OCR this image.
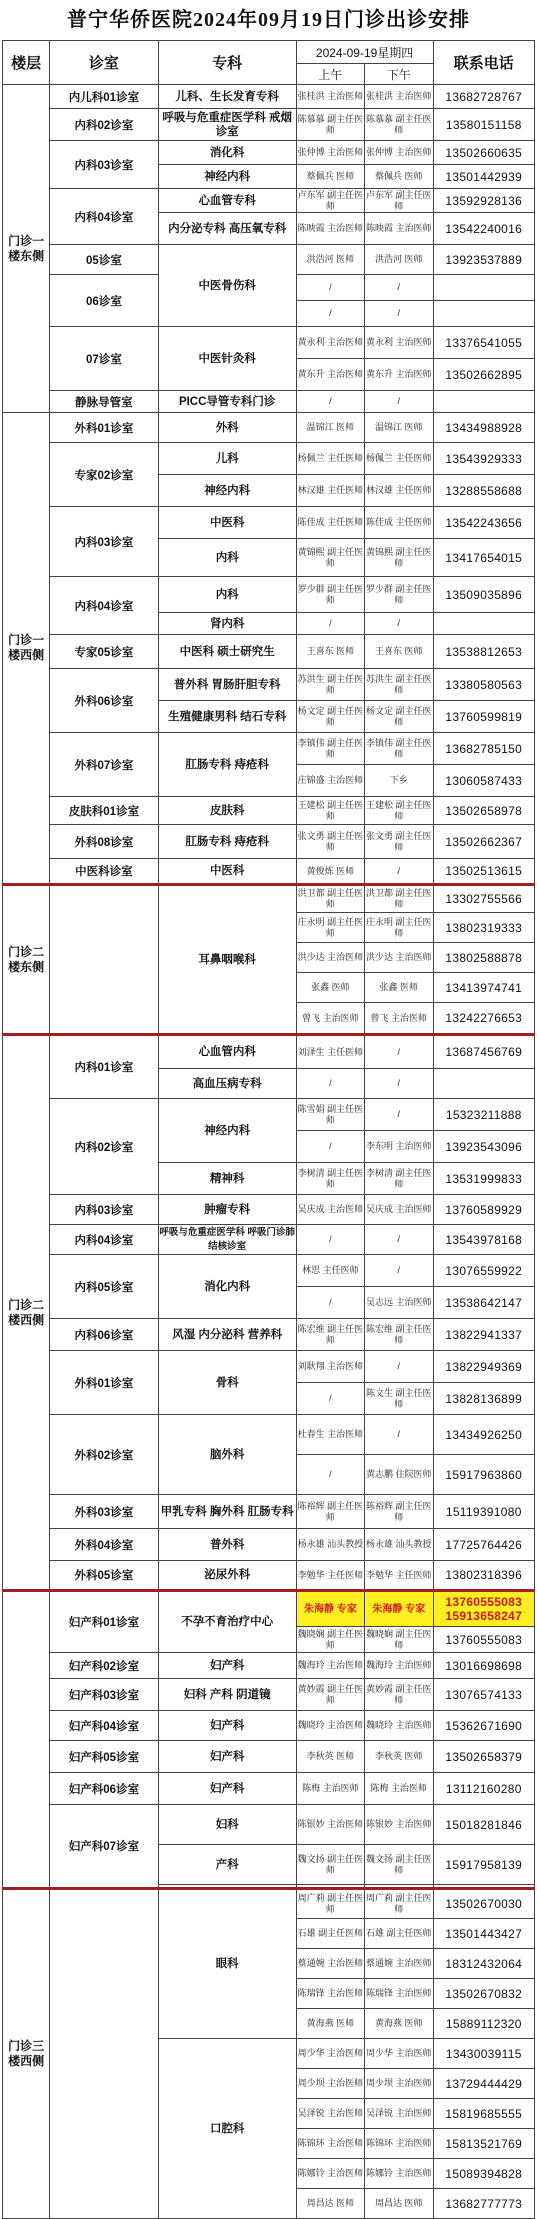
普宁华侨医院2024年09月19日门诊出诊安排
楼层	诊室	专科	2024-09-19星期四		联系电话
			上午	下午	
门诊一楼东侧	内儿科01诊室	儿科、生长发育专科	张桂洪 主治医师	张桂洪 主治医师	13682728767
	内科02诊室	呼吸与危重症医学科 戒烟诊室	陈慕慕 副主任医师	陈慕慕 副主任医师	13580151158
	内科03诊室	消化科	张仲博 主治医师	张仲博 主治医师	13502660635
		神经内科	蔡佩兵 医师	蔡佩兵 医师	13501442939
	内科04诊室	心血管专科	卢东军 副主任医师	卢东军 副主任医师	13592928136
		内分泌专科 高压氧专科	陈映霞 主治医师	陈映霞 主治医师	13542240016
	05诊室	中医骨伤科	洪浩河 医师	洪浩河 医师	13923537889
	06诊室		/	/	
			/	/	
	07诊室	中医针灸科	黄永利 主治医师	黄永利 主治医师	13376541055
			黄东升 主治医师	黄东升 主治医师	13502662895
	静脉导管室	PICC导管专科门诊	/	/	
门诊一楼西侧	外科01诊室	外科	温锦江 医师	温锦江 医师	13434988928
	专家02诊室	儿科	杨佩兰 主任医师	杨佩兰 主任医师	13543929333
		神经内科	林汉雄 主任医师	林汉雄 主任医师	13288558688
	内科03诊室	中医科	陈佳成 主任医师	陈佳成 主任医师	13542243656
		内科	黄锦熙 副主任医师	黄锦熙 副主任医师	13417654015
	内科04诊室	内科	罗少群 副主任医师	罗少群 副主任医师	13509035896
		肾内科	/	/	
	专家05诊室	中医科 硕士研究生	王喜东 医师	王喜东 医师	13538812653
	外科06诊室	普外科 胃肠肝胆专科	苏洪生 副主任医师	苏洪生 副主任医师	13380580563
		生殖健康男科 结石专科	杨文定 副主任医师	杨文定 副主任医师	13760599819
	外科07诊室	肛肠专科 痔疮科	李镇伟 副主任医师	李镇伟 副主任医师	13682785150
			庄锦盛 主治医师	下乡	13060587433
	皮肤科01诊室	皮肤科	王建松 副主任医师	王建松 副主任医师	13502658978
	外科08诊室	肛肠专科 痔疮科	张文勇 副主任医师	张文勇 副主任医师	13502662367
	中医科诊室	中医科	黄俊炼 医师	/	13502513615
门诊二楼东侧		耳鼻咽喉科	洪卫都 副主任医师	洪卫都 副主任医师	13302755566
			庄永明 副主任医师	庄永明 副主任医师	13802319333
			洪少达 主治医师	洪少达 主治医师	13802588878
			张鑫 医师	张鑫 医师	13413974741
			曾飞 主治医师	曾飞 主治医师	13242276653
门诊二楼西侧	内科01诊室	心血管内科	刘泽生 主任医师	/	13687456769
		高血压病专科	/	/	
	内科02诊室	神经内科	陈雪娟 副主任医师	/	15323211888
			/	李东明 主治医师	13923543096
		精神科	李树清 副主任医师	李树清 副主任医师	13531999833
	内科03诊室	肿瘤专科	吴庆成 主治医师	吴庆成 主治医师	13760589929
	内科04诊室	呼吸与危重症医学科 呼吸门诊肺结核诊室	/	/	13543978168
	内科05诊室	消化内科	林思 主任医师	/	13076559922
			/	吴志远 主治医师	13538642147
	内科06诊室	风湿 内分泌科 营养科	陈宏维 副主任医师	陈宏维 副主任医师	13822941337
	外科01诊室	骨科	刘耿翔 主治医师	/	13822949369
			/	陈文生 副主任医师	13828136899
	外科02诊室	脑外科	杜春生 主治医师	/	13434926250
			/	黄志鹏 住院医师	15917963860
	外科03诊室	甲乳专科 胸外科 肛肠专科	陈裕辉 副主任医师	陈裕辉 副主任医师	15119391080
	外科04诊室	普外科	杨永雄 汕头教授	杨永雄 汕头教授	17725764426
	外科05诊室	泌尿外科	李勉华 主任医师	李勉华 主任医师	13802318396
	妇产科01诊室	不孕不育治疗中心	朱海静 专家	朱海静 专家	13760555083 15913658247
			魏晓娴 副主任医师	魏晓娴 副主任医师	13760555083
	妇产科02诊室	妇产科	魏海玲 主治医师	魏海玲 主治医师	13016698698
	妇产科03诊室	妇科 产科 阴道镜	黄妙霞 副主任医师	黄妙霞 副主任医师	13076574133
	妇产科04诊室	妇产科	魏晓玲 主治医师	魏晓玲 主治医师	15362671690
	妇产科05诊室	妇产科	李秋英 医师	李秋英 医师	13502658379
	妇产科06诊室	妇产科	陈梅 主治医师	陈梅 主治医师	13112160280
	妇产科07诊室	妇科	陈银妙 主治医师	陈银妙 主治医师	15018281846
		产科	魏文扬 副主任医师	魏文扬 副主任医师	15917958139

门诊三楼西侧		眼科	周广莉 副主任医师	周广莉 副主任医师	13502670030
			石雄 副主任医师	石雄 副主任医师	13501443427
			蔡通婉 主治医师	蔡通婉 主治医师	18312432064
			陈瑞锋 主治医师	陈瑞锋 主治医师	13502670832
			黄海燕 医师	黄海燕 医师	15889112320
		口腔科	周少华 主治医师	周少华 主治医师	13430039115
			周少坝 主治医师	周少坝 主治医师	13729444429
			吴泽锐 主治医师	吴泽锐 主治医师	15819685555
			陈锦环 主治医师	陈锦环 主治医师	15813521769
			陈娜铃 主治医师	陈娜铃 主治医师	15089394828
			周昌达 医师	周昌达 医师	13682777773
